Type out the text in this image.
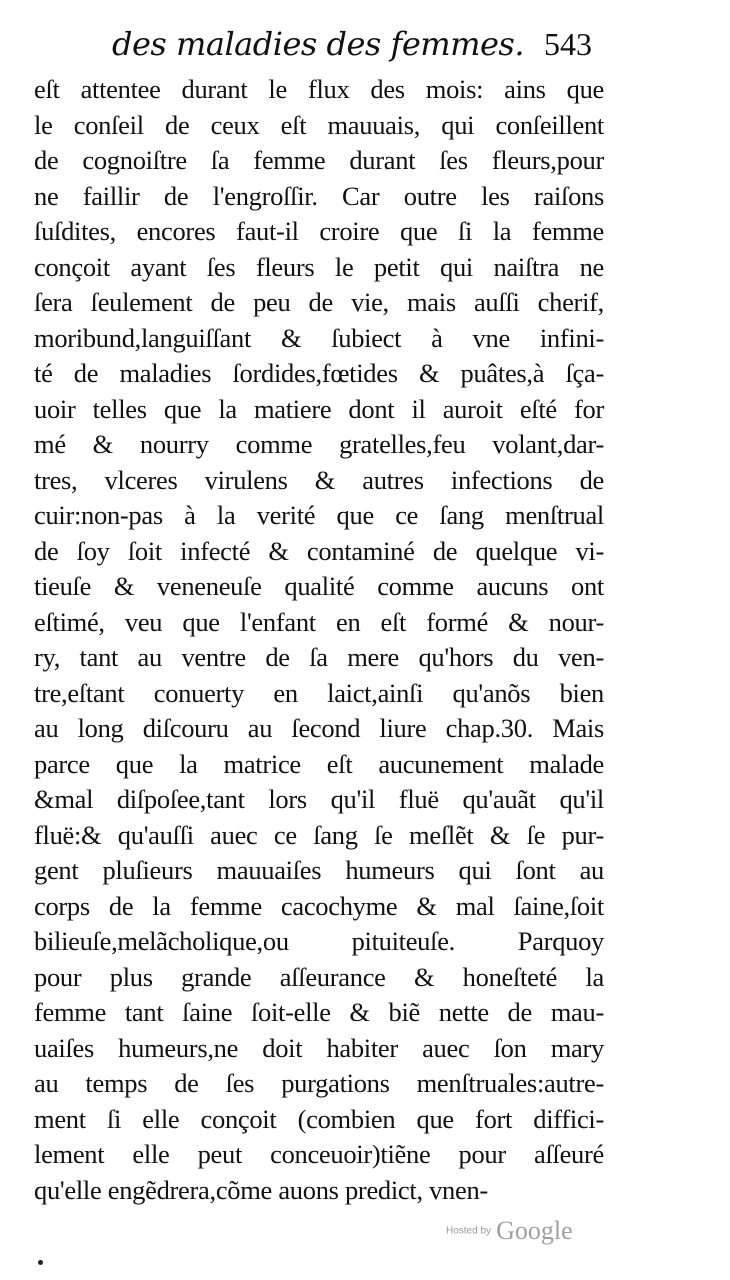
des maladies des femmes. 543
eſt attentee durant le flux des mois: ains que
le conſeil de ceux eſt mauuais, qui conſeillent
de cognoiſtre ſa femme durant ſes fleurs,pour
ne faillir de l'engroſſir. Car outre les raiſons
ſuſdites, encores faut-il croire que ſi la femme
conçoit ayant ſes fleurs le petit qui naiſtra ne
ſera ſeulement de peu de vie, mais auſſi cherif,
moribund,languiſſant & ſubiect à vne infini-
té de maladies ſordides,fœtides & puâtes,à ſça-
uoir telles que la matiere dont il auroit eſté for
mé & nourry comme gratelles,feu volant,dar-
tres, vlceres virulens & autres infections de
cuir:non-pas à la verité que ce ſang menſtrual
de ſoy ſoit infecté & contaminé de quelque vi-
tieuſe & veneneuſe qualité comme aucuns ont
eſtimé, veu que l'enfant en eſt formé & nour-
ry, tant au ventre de ſa mere qu'hors du ven-
tre,eſtant conuerty en laict,ainſi qu'anõs bien
au long diſcouru au ſecond liure chap.30. Mais
parce que la matrice eſt aucunement malade
&mal diſpoſee,tant lors qu'il fluë qu'auãt qu'il
fluë:& qu'auſſi auec ce ſang ſe meſlẽt & ſe pur-
gent pluſieurs mauuaiſes humeurs qui ſont au
corps de la femme cacochyme & mal ſaine,ſoit
bilieuſe,melãcholique,ou pituiteuſe. Parquoy
pour plus grande aſſeurance & honeſteté la
femme tant ſaine ſoit-elle & biẽ nette de mau-
uaiſes humeurs,ne doit habiter auec ſon mary
au temps de ſes purgations menſtruales:autre-
ment ſi elle conçoit (combien que fort diffici-
lement elle peut conceuoir)tiẽne pour aſſeuré
qu'elle engẽdrera,cõme auons predict, vnen-
Hosted by Google
